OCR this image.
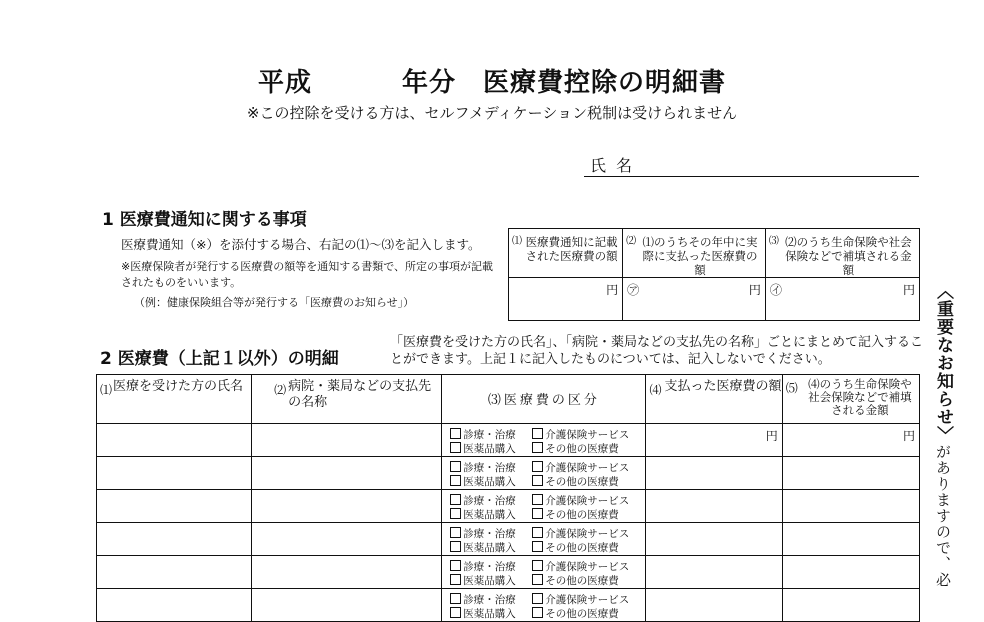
平成	年分　医療費控除の明細書
※この控除を受ける方は、セルフメディケーション税制は受けられません
氏名
1 医療費通知に関する事項
医療費通知（※）を添付する場合、右記の⑴〜⑶を記入します。
※医療保険者が発行する医療費の額等を通知する書類で、所定の事項が記載されたものをいいます。
（例：健康保険組合等が発行する「医療費のお知らせ」）
⑴ 医療費通知に記載された医療費の額	⑵ ⑴のうちその年中に実際に支払った医療費の額	⑶ ⑵のうち生命保険や社会保険などで補填される金額

円	㋐ 円	㋑ 円
2 医療費（上記１以外）の明細
「医療費を受けた方の氏名」、「病院・薬局などの支払先の名称」ごとにまとめて記入することができます。上記１に記入したものについては、記入しないでください。
⑴ 医療を受けた方の氏名	⑵ 病院・薬局などの支払先の名称	⑶医療費の区分	⑷ 支払った医療費の額	⑸ ⑷のうち生命保険や社会保険などで補填される金額

		診療・治療 介護保険サービス
医薬品購入 その他の医療費	円	円

		診療・治療 介護保険サービス
医薬品購入 その他の医療費		

		診療・治療 介護保険サービス
医薬品購入 その他の医療費		

		診療・治療 介護保険サービス
医薬品購入 その他の医療費		

		診療・治療 介護保険サービス
医薬品購入 その他の医療費		

		診療・治療 介護保険サービス
医薬品購入 その他の医療費		

〈重要なお知らせ〉がありますので、必
